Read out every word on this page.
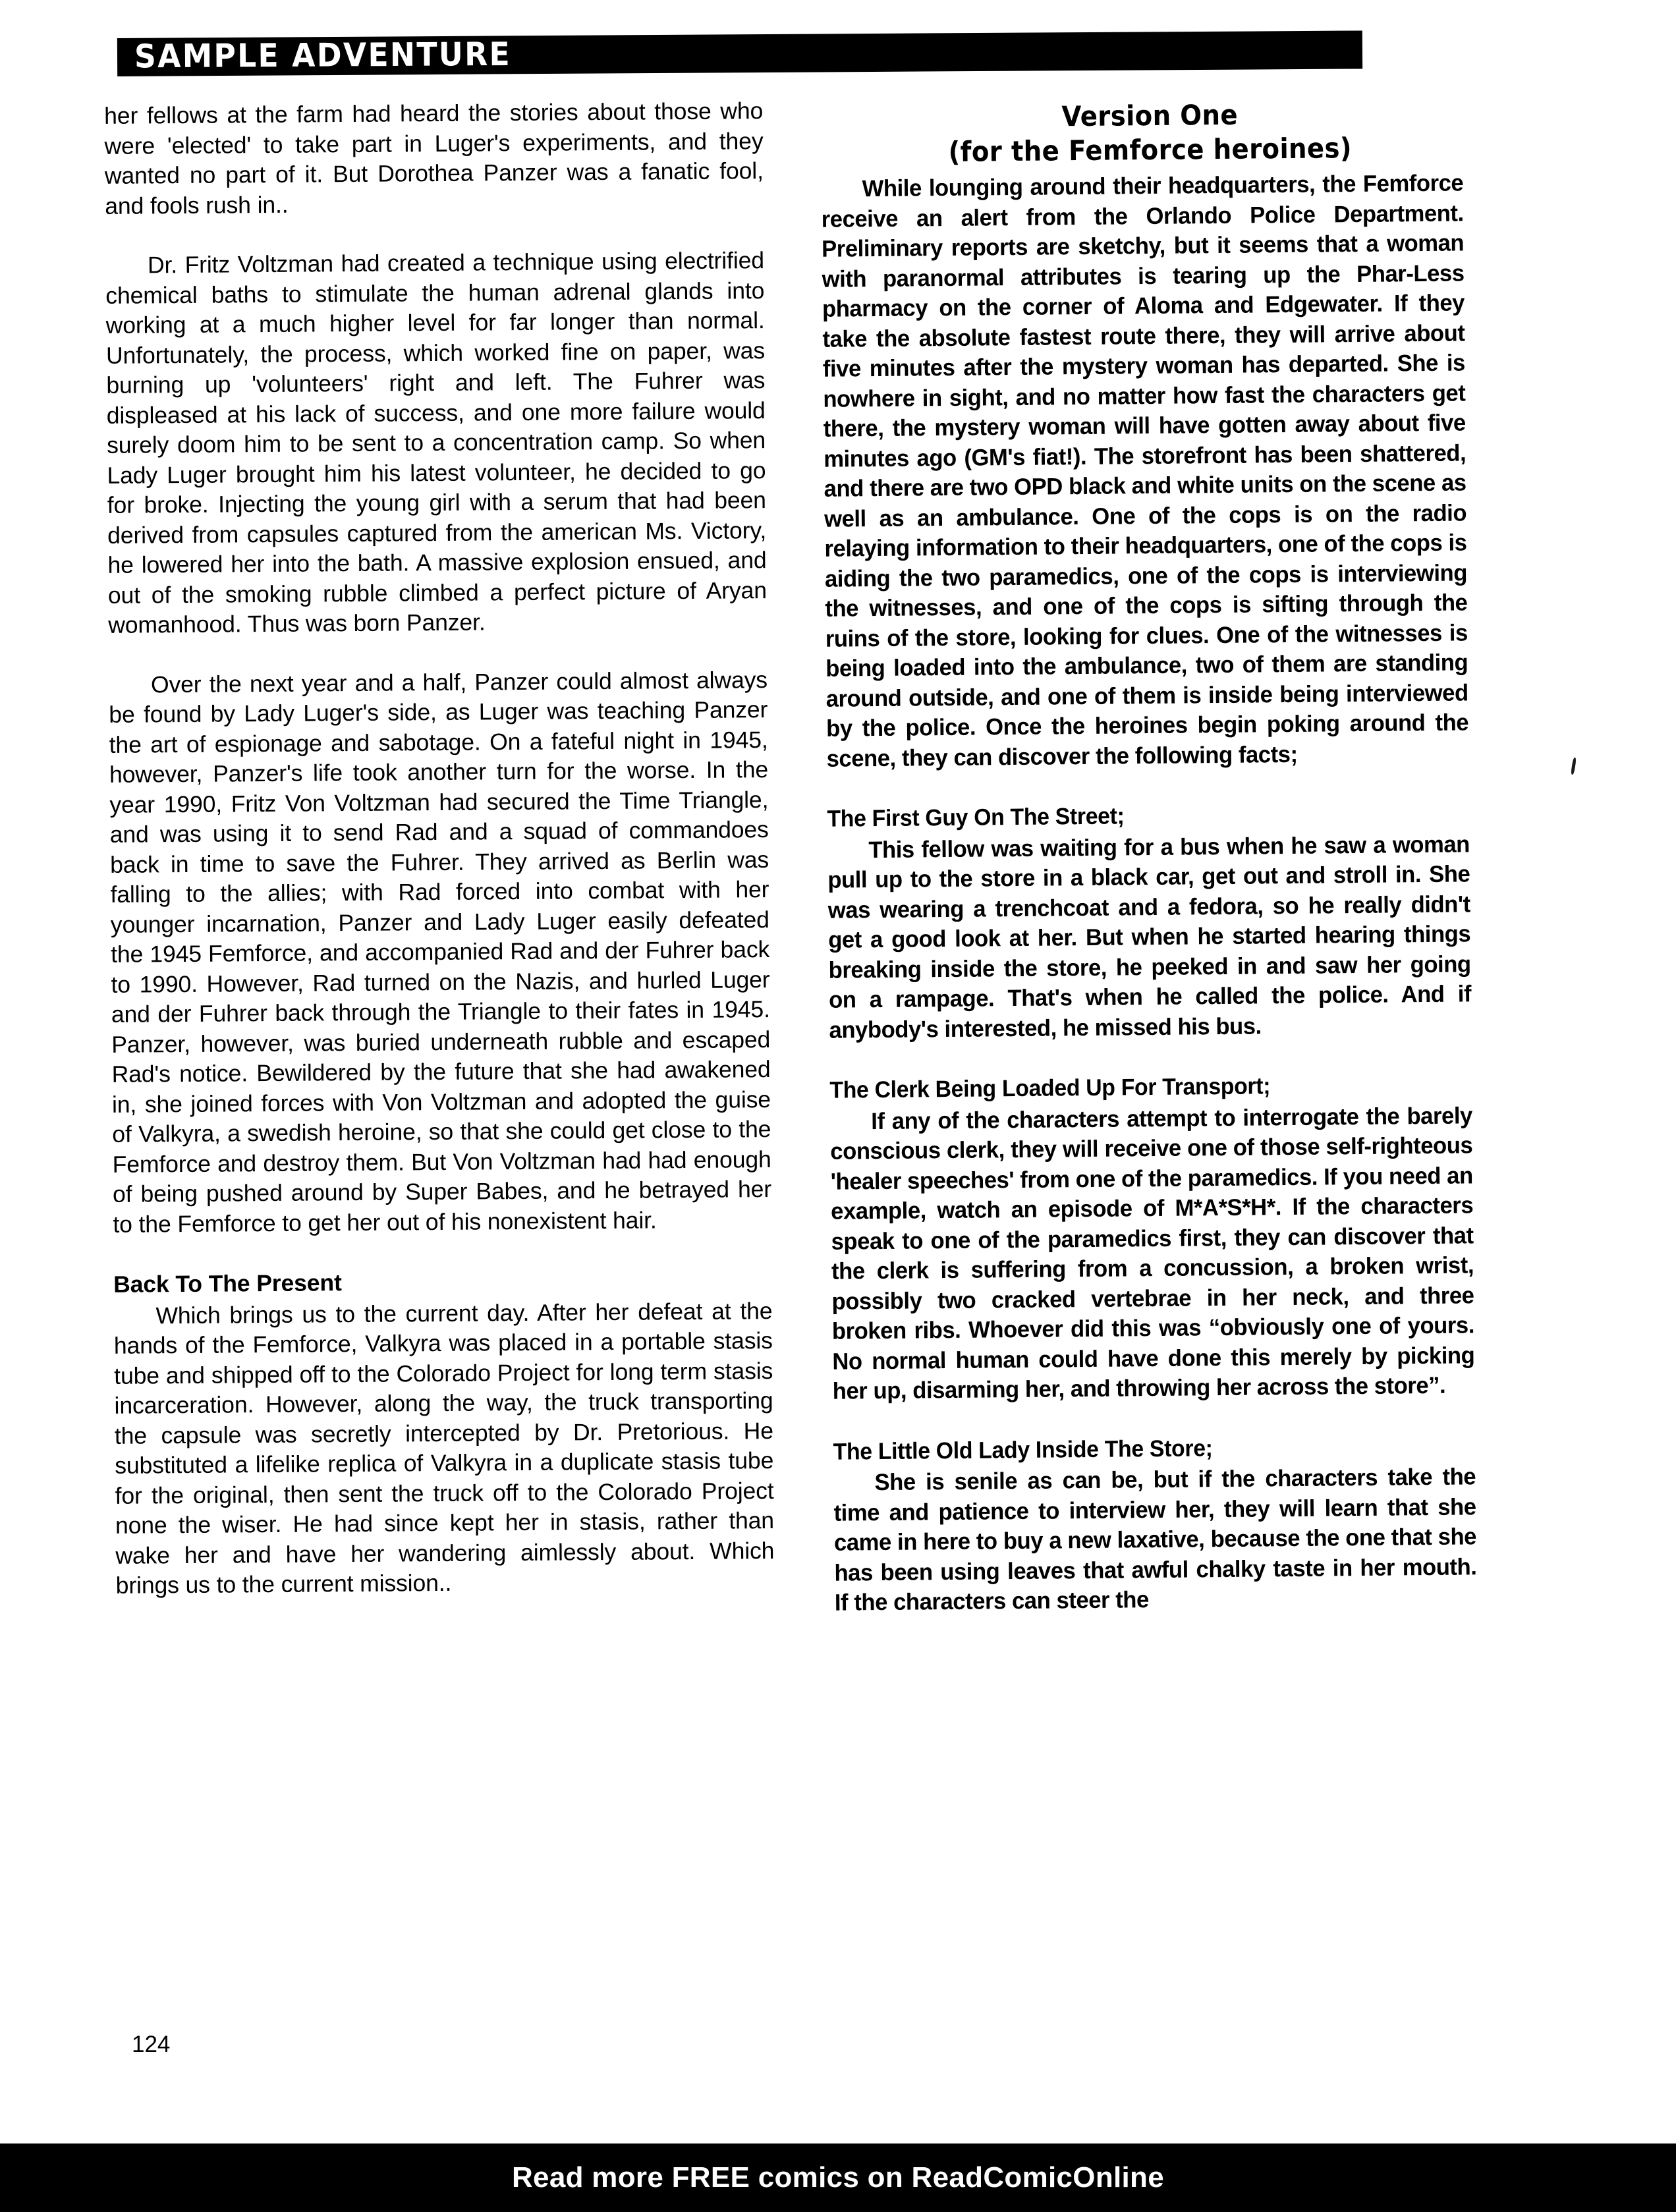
SAMPLE ADVENTURE

her fellows at the farm had heard the stories about those who were 'elected' to take part in Luger's experiments, and they wanted no part of it. But Dorothea Panzer was a fanatic fool, and fools rush in..

Dr. Fritz Voltzman had created a technique using electrified chemical baths to stimulate the human adrenal glands into working at a much higher level for far longer than normal. Unfortunately, the process, which worked fine on paper, was burning up 'volunteers' right and left. The Fuhrer was displeased at his lack of success, and one more failure would surely doom him to be sent to a concentration camp. So when Lady Luger brought him his latest volunteer, he decided to go for broke. Injecting the young girl with a serum that had been derived from capsules captured from the american Ms. Victory, he lowered her into the bath. A massive explosion ensued, and out of the smoking rubble climbed a perfect picture of Aryan womanhood. Thus was born Panzer.

Over the next year and a half, Panzer could almost always be found by Lady Luger's side, as Luger was teaching Panzer the art of espionage and sabotage. On a fateful night in 1945, however, Panzer's life took another turn for the worse. In the year 1990, Fritz Von Voltzman had secured the Time Triangle, and was using it to send Rad and a squad of commandoes back in time to save the Fuhrer. They arrived as Berlin was falling to the allies; with Rad forced into combat with her younger incarnation, Panzer and Lady Luger easily defeated the 1945 Femforce, and accompanied Rad and der Fuhrer back to 1990. However, Rad turned on the Nazis, and hurled Luger and der Fuhrer back through the Triangle to their fates in 1945. Panzer, however, was buried underneath rubble and escaped Rad's notice. Bewildered by the future that she had awakened in, she joined forces with Von Voltzman and adopted the guise of Valkyra, a swedish heroine, so that she could get close to the Femforce and destroy them. But Von Voltzman had had enough of being pushed around by Super Babes, and he betrayed her to the Femforce to get her out of his nonexistent hair.

Back To The Present

Which brings us to the current day. After her defeat at the hands of the Femforce, Valkyra was placed in a portable stasis tube and shipped off to the Colorado Project for long term stasis incarceration. However, along the way, the truck transporting the capsule was secretly intercepted by Dr. Pretorious. He substituted a lifelike replica of Valkyra in a duplicate stasis tube for the original, then sent the truck off to the Colorado Project none the wiser. He had since kept her in stasis, rather than wake her and have her wandering aimlessly about. Which brings us to the current mission..

Version One
(for the Femforce heroines)

While lounging around their headquarters, the Femforce receive an alert from the Orlando Police Department. Preliminary reports are sketchy, but it seems that a woman with paranormal attributes is tearing up the Phar-Less pharmacy on the corner of Aloma and Edgewater. If they take the absolute fastest route there, they will arrive about five minutes after the mystery woman has departed. She is nowhere in sight, and no matter how fast the characters get there, the mystery woman will have gotten away about five minutes ago (GM's fiat!). The storefront has been shattered, and there are two OPD black and white units on the scene as well as an ambulance. One of the cops is on the radio relaying information to their headquarters, one of the cops is aiding the two paramedics, one of the cops is interviewing the witnesses, and one of the cops is sifting through the ruins of the store, looking for clues. One of the witnesses is being loaded into the ambulance, two of them are standing around outside, and one of them is inside being interviewed by the police. Once the heroines begin poking around the scene, they can discover the following facts;

The First Guy On The Street;

This fellow was waiting for a bus when he saw a woman pull up to the store in a black car, get out and stroll in. She was wearing a trenchcoat and a fedora, so he really didn't get a good look at her. But when he started hearing things breaking inside the store, he peeked in and saw her going on a rampage. That's when he called the police. And if anybody's interested, he missed his bus.

The Clerk Being Loaded Up For Transport;

If any of the characters attempt to interrogate the barely conscious clerk, they will receive one of those self-righteous 'healer speeches' from one of the paramedics. If you need an example, watch an episode of M*A*S*H*. If the characters speak to one of the paramedics first, they can discover that the clerk is suffering from a concussion, a broken wrist, possibly two cracked vertebrae in her neck, and three broken ribs. Whoever did this was “obviously one of yours. No normal human could have done this merely by picking her up, disarming her, and throwing her across the store”.

The Little Old Lady Inside The Store;

She is senile as can be, but if the characters take the time and patience to interview her, they will learn that she came in here to buy a new laxative, because the one that she has been using leaves that awful chalky taste in her mouth. If the characters can steer the

124
Read more FREE comics on ReadComicOnline
